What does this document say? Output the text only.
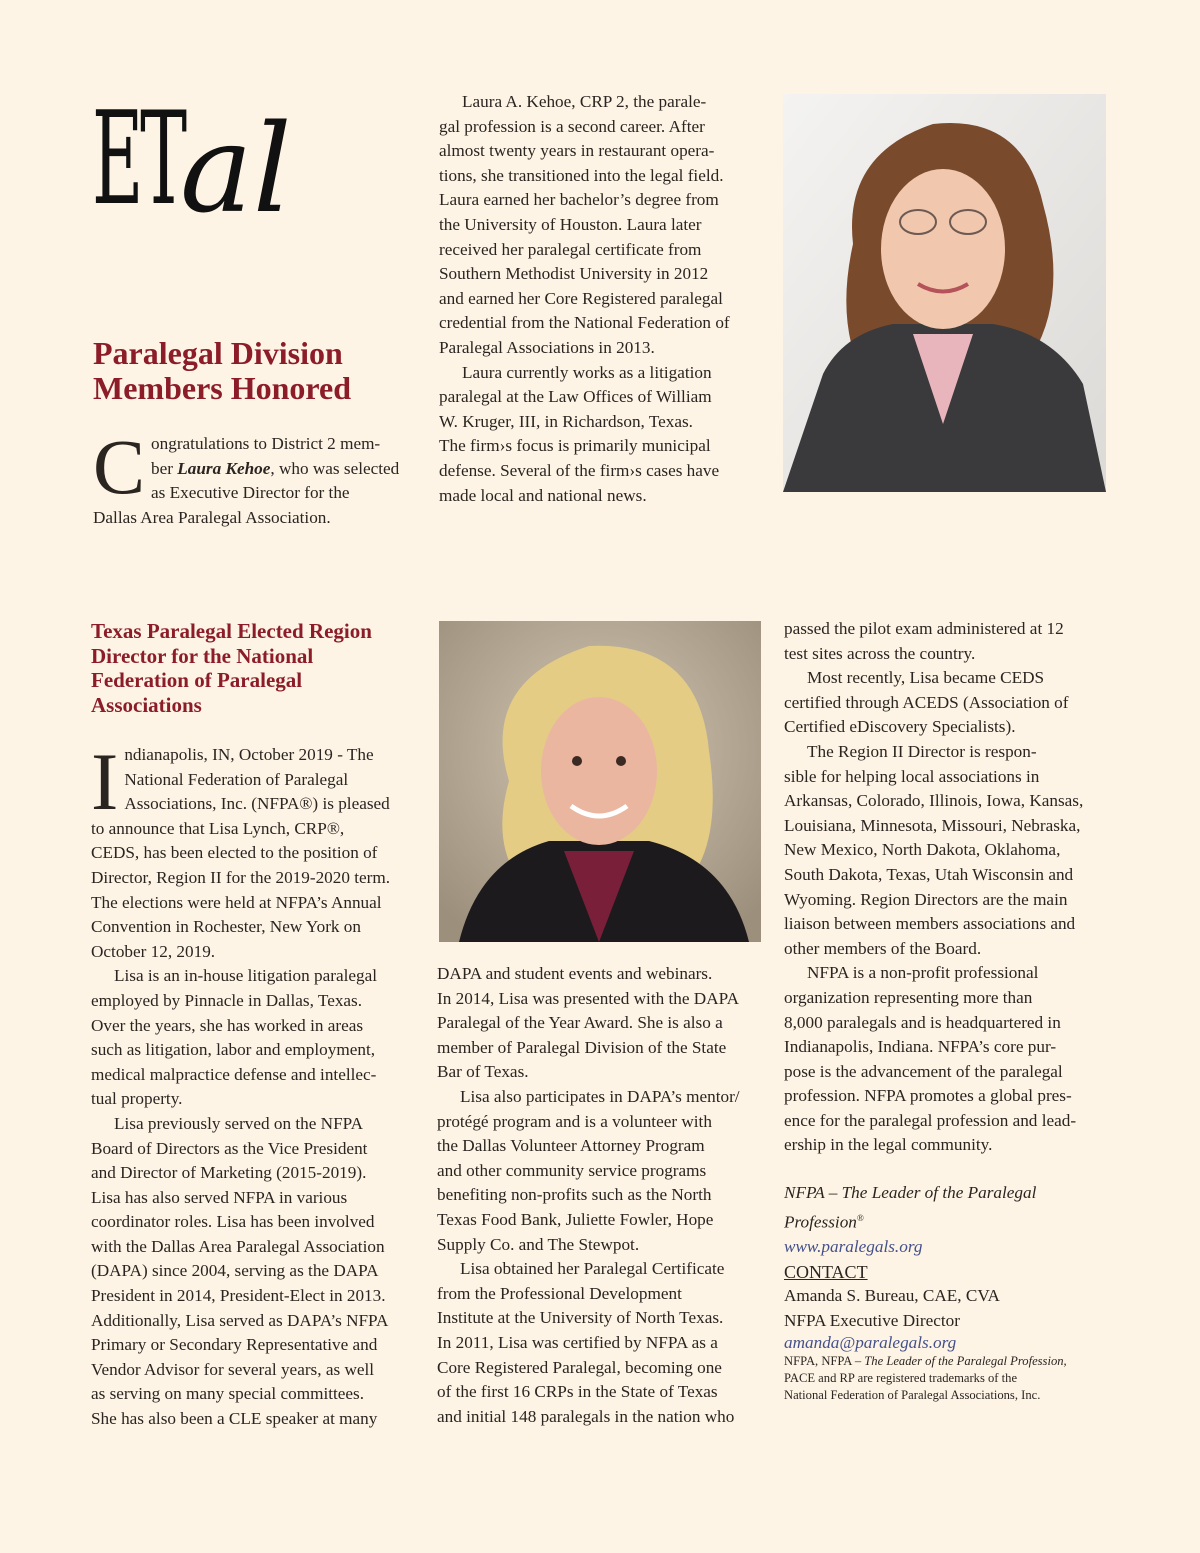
ET
al
Paralegal Division
Members Honored
C ongratulations to District 2 mem-
ber Laura Kehoe, who was selected
as Executive Director for the
Dallas Area Paralegal Association.
Laura A. Kehoe, CRP 2, the parale-
gal profession is a second career. After
almost twenty years in restaurant opera-
tions, she transitioned into the legal field.
Laura earned her bachelor’s degree from
the University of Houston. Laura later
received her paralegal certificate from
Southern Methodist University in 2012
and earned her Core Registered paralegal
credential from the National Federation of
Paralegal Associations in 2013.
Laura currently works as a litigation
paralegal at the Law Offices of William
W. Kruger, III, in Richardson, Texas.
The firm›s focus is primarily municipal
defense. Several of the firm›s cases have
made local and national news.
Texas Paralegal Elected Region
Director for the National
Federation of Paralegal
Associations
I ndianapolis, IN, October 2019 - The
National Federation of Paralegal
Associations, Inc. (NFPA®) is pleased
to announce that Lisa Lynch, CRP®,
CEDS, has been elected to the position of
Director, Region II for the 2019-2020 term.
The elections were held at NFPA’s Annual
Convention in Rochester, New York on
October 12, 2019.
Lisa is an in-house litigation paralegal
employed by Pinnacle in Dallas, Texas.
Over the years, she has worked in areas
such as litigation, labor and employment,
medical malpractice defense and intellec-
tual property.
Lisa previously served on the NFPA
Board of Directors as the Vice President
and Director of Marketing (2015-2019).
Lisa has also served NFPA in various
coordinator roles. Lisa has been involved
with the Dallas Area Paralegal Association
(DAPA) since 2004, serving as the DAPA
President in 2014, President-Elect in 2013.
Additionally, Lisa served as DAPA’s NFPA
Primary or Secondary Representative and
Vendor Advisor for several years, as well
as serving on many special committees.
She has also been a CLE speaker at many
DAPA and student events and webinars.
In 2014, Lisa was presented with the DAPA
Paralegal of the Year Award. She is also a
member of Paralegal Division of the State
Bar of Texas.
Lisa also participates in DAPA’s mentor/
protégé program and is a volunteer with
the Dallas Volunteer Attorney Program
and other community service programs
benefiting non-profits such as the North
Texas Food Bank, Juliette Fowler, Hope
Supply Co. and The Stewpot.
Lisa obtained her Paralegal Certificate
from the Professional Development
Institute at the University of North Texas.
In 2011, Lisa was certified by NFPA as a
Core Registered Paralegal, becoming one
of the first 16 CRPs in the State of Texas
and initial 148 paralegals in the nation who
passed the pilot exam administered at 12
test sites across the country.
Most recently, Lisa became CEDS
certified through ACEDS (Association of
Certified eDiscovery Specialists).
The Region II Director is respon-
sible for helping local associations in
Arkansas, Colorado, Illinois, Iowa, Kansas,
Louisiana, Minnesota, Missouri, Nebraska,
New Mexico, North Dakota, Oklahoma,
South Dakota, Texas, Utah Wisconsin and
Wyoming. Region Directors are the main
liaison between members associations and
other members of the Board.
NFPA is a non-profit professional
organization representing more than
8,000 paralegals and is headquartered in
Indianapolis, Indiana. NFPA’s core pur-
pose is the advancement of the paralegal
profession. NFPA promotes a global pres-
ence for the paralegal profession and lead-
ership in the legal community.
NFPA – The Leader of the Paralegal
Profession®
www.paralegals.org
CONTACT
Amanda S. Bureau, CAE, CVA
NFPA Executive Director
amanda@paralegals.org
NFPA, NFPA – The Leader of the Paralegal Profession,
PACE and RP are registered trademarks of the
National Federation of Paralegal Associations, Inc.
